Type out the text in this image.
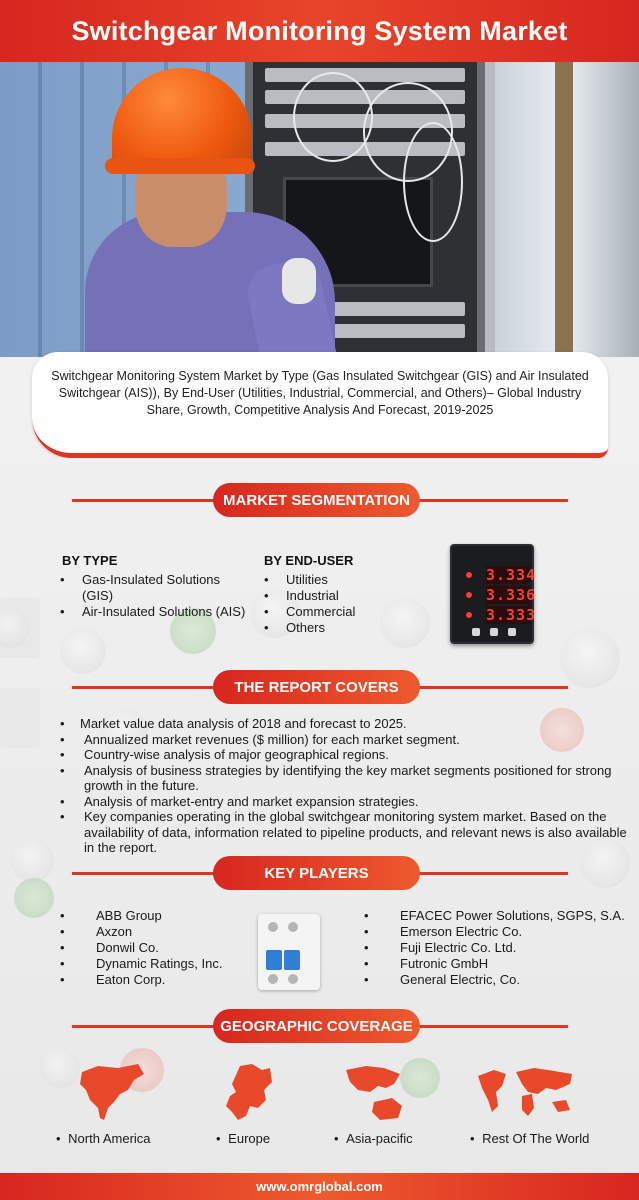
Switchgear Monitoring System Market

Switchgear Monitoring System Market by Type (Gas Insulated Switchgear (GIS) and Air Insulated Switchgear (AIS)), By End-User (Utilities, Industrial, Commercial, and Others)– Global Industry Share, Growth, Competitive Analysis And Forecast, 2019-2025

MARKET SEGMENTATION
BY TYPE
• Gas-Insulated Solutions (GIS)
• Air-Insulated Solutions (AIS)
BY END-USER
• Utilities
• Industrial
• Commercial
• Others
3.334
3.336
3.333
THE REPORT COVERS
• Market value data analysis of 2018 and forecast to 2025.
• Annualized market revenues ($ million) for each market segment.
• Country-wise analysis of major geographical regions.
• Analysis of business strategies by identifying the key market segments positioned for strong growth in the future.
• Analysis of market-entry and market expansion strategies.
• Key companies operating in the global switchgear monitoring system market. Based on the availability of data, information related to pipeline products, and relevant news is also available in the report.
KEY PLAYERS
• ABB Group
• Axzon
• Donwil Co.
• Dynamic Ratings, Inc.
• Eaton Corp.
• EFACEC Power Solutions, SGPS, S.A.
• Emerson Electric Co.
• Fuji Electric Co. Ltd.
• Futronic GmbH
• General Electric, Co.
GEOGRAPHIC COVERAGE
• North America	• Europe	• Asia-pacific	• Rest Of The World
www.omrglobal.com
